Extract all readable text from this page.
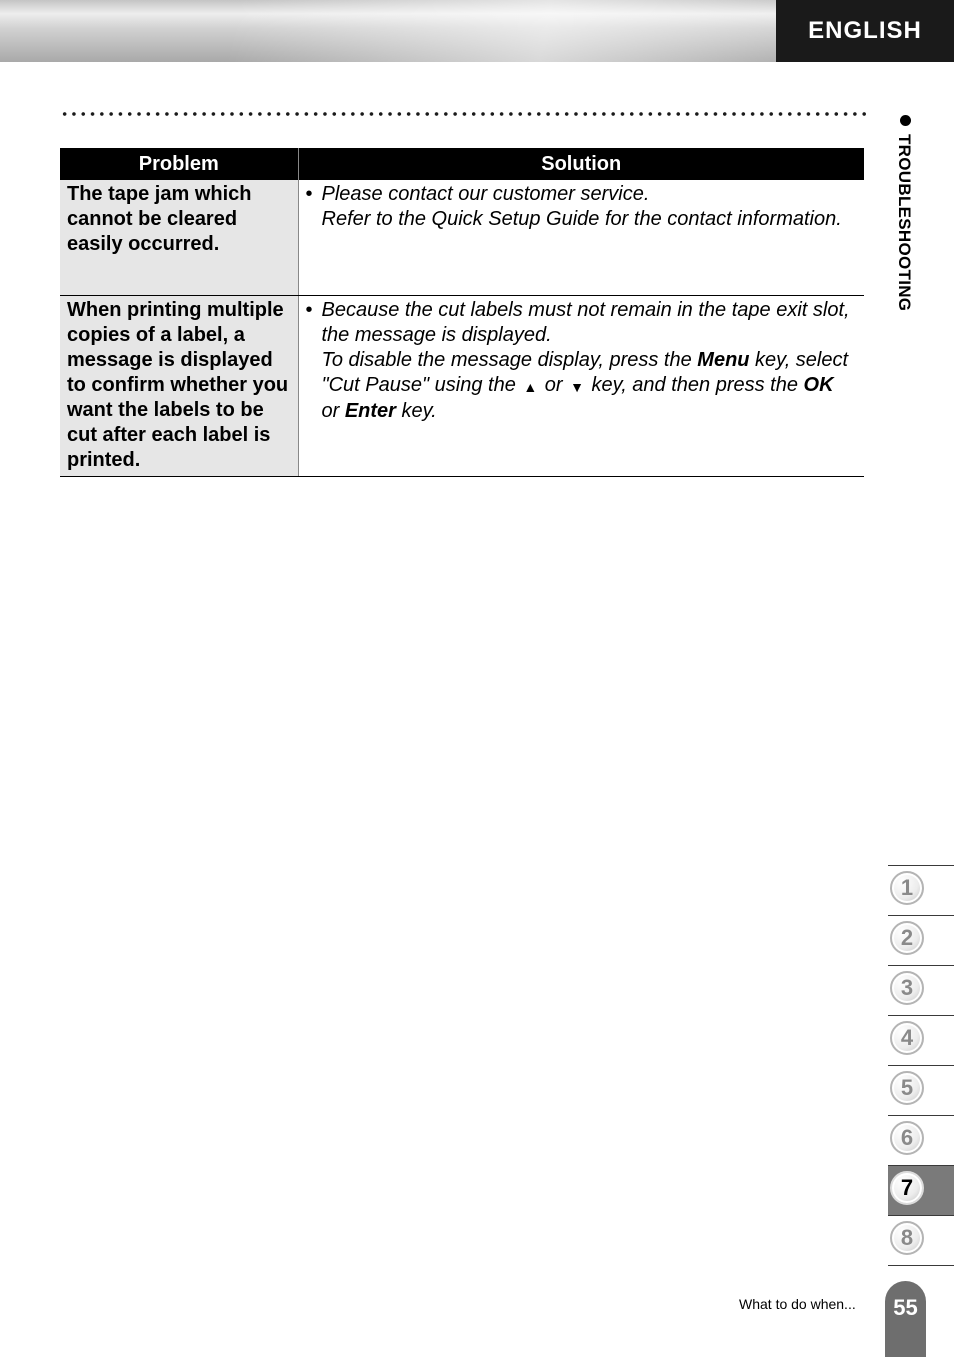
ENGLISH
TROUBLESHOOTING
Problem	Solution
The tape jam which cannot be cleared easily occurred.	• Please contact our customer service.
Refer to the Quick Setup Guide for the contact information.

When printing multiple copies of a label, a message is displayed to confirm whether you want the labels to be cut after each label is printed.	• Because the cut labels must not remain in the tape exit slot, the message is displayed.
To disable the message display, press the Menu key, select "Cut Pause" using the ▲ or ▼ key, and then press the OK or Enter key.
1
2
3
4
5
6
7
8
What to do when...	55
